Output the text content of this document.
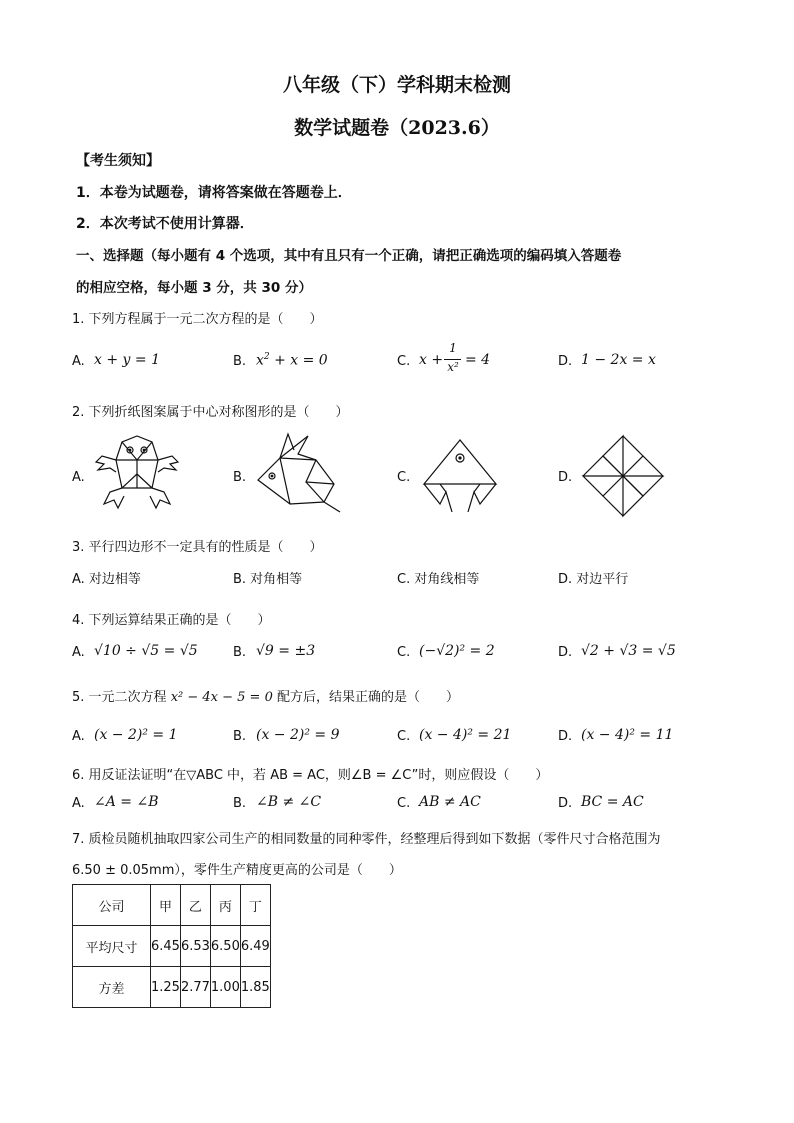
八年级（下）学科期末检测
数学试题卷（2023.6）
【考生须知】
1．本卷为试题卷，请将答案做在答题卷上．
2．本次考试不使用计算器．
一、选择题（每小题有 4 个选项，其中有且只有一个正确，请把正确选项的编码填入答题卷
的相应空格，每小题 3 分，共 30 分）
1. 下列方程属于一元二次方程的是（　　）
A. x + y = 1	B. $x^2 + x = 0$	C. x +
1
x² = 4	D. 1 − 2x = x
2. 下列折纸图案属于中心对称图形的是（　　）
A.	B.	C.	D.
3. 平行四边形不一定具有的性质是（　　）
A. 对边相等	B. 对角相等	C. 对角线相等	D. 对边平行
4. 下列运算结果正确的是（　　）
A. √10 ÷ √5 = √5	B. √9 = ±3	C. (−√2)² = 2	D. √2 + √3 = √5
5. 一元二次方程 x² − 4x − 5 = 0 配方后，结果正确的是（　　）
A. (x − 2)² = 1	B. (x − 2)² = 9	C. (x − 4)² = 21	D. (x − 4)² = 11
6. 用反证法证明“在▽ABC 中，若 AB = AC，则∠B = ∠C”时，则应假设（　　）
A. ∠A = ∠B	B. ∠B ≠ ∠C	C. AB ≠ AC	D. BC = AC
7. 质检员随机抽取四家公司生产的相同数量的同种零件，经整理后得到如下数据（零件尺寸合格范围为
6.50 ± 0.05mm），零件生产精度更高的公司是（　　）
公司	甲	乙	丙	丁
平均尺寸	6.45	6.53	6.50	6.49
方差	1.25	2.77	1.00	1.85
